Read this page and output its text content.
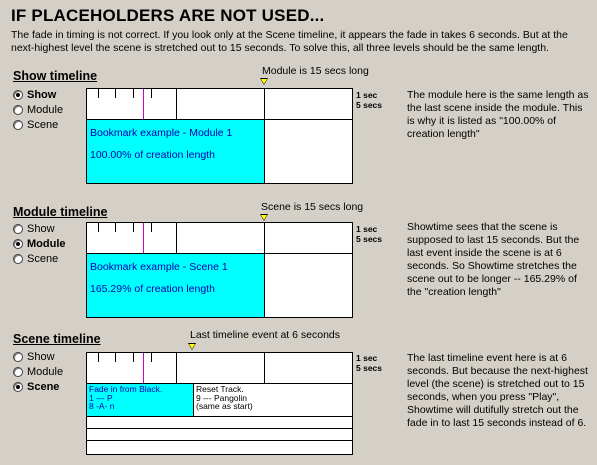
IF PLACEHOLDERS ARE NOT USED...
The fade in timing is not correct. If you look only at the Scene timeline, it appears the fade in takes 6 seconds. But at the next-highest level the scene is stretched out to 15 seconds. To solve this, all three levels should be the same length.
Show timeline
Show
Module
Scene
Module is 15 secs long
Bookmark example - Module 1
100.00% of creation length
1 sec
5 secs
The module here is the same length as the last scene inside the module. This is why it is listed as "100.00% of creation length"
Module timeline
Show
Module
Scene
Scene is 15 secs long
Bookmark example - Scene 1
165.29% of creation length
1 sec
5 secs
Showtime sees that the scene is supposed to last 15 seconds. But the last event inside the scene is at 6 seconds. So Showtime stretches the scene out to be longer -- 165.29% of the "creation length"
Scene timeline
Show
Module
Scene
Last timeline event at 6 seconds
Fade in from Black.
1 --- P
8 -A- n
Reset Track.
9 --- Pangolin
(same as start)
1 sec
5 secs
The last timeline event here is at 6 seconds. But because the next-highest level (the scene) is stretched out to 15 seconds, when you press "Play", Showtime will dutifully stretch out the fade in to last 15 seconds instead of 6.
